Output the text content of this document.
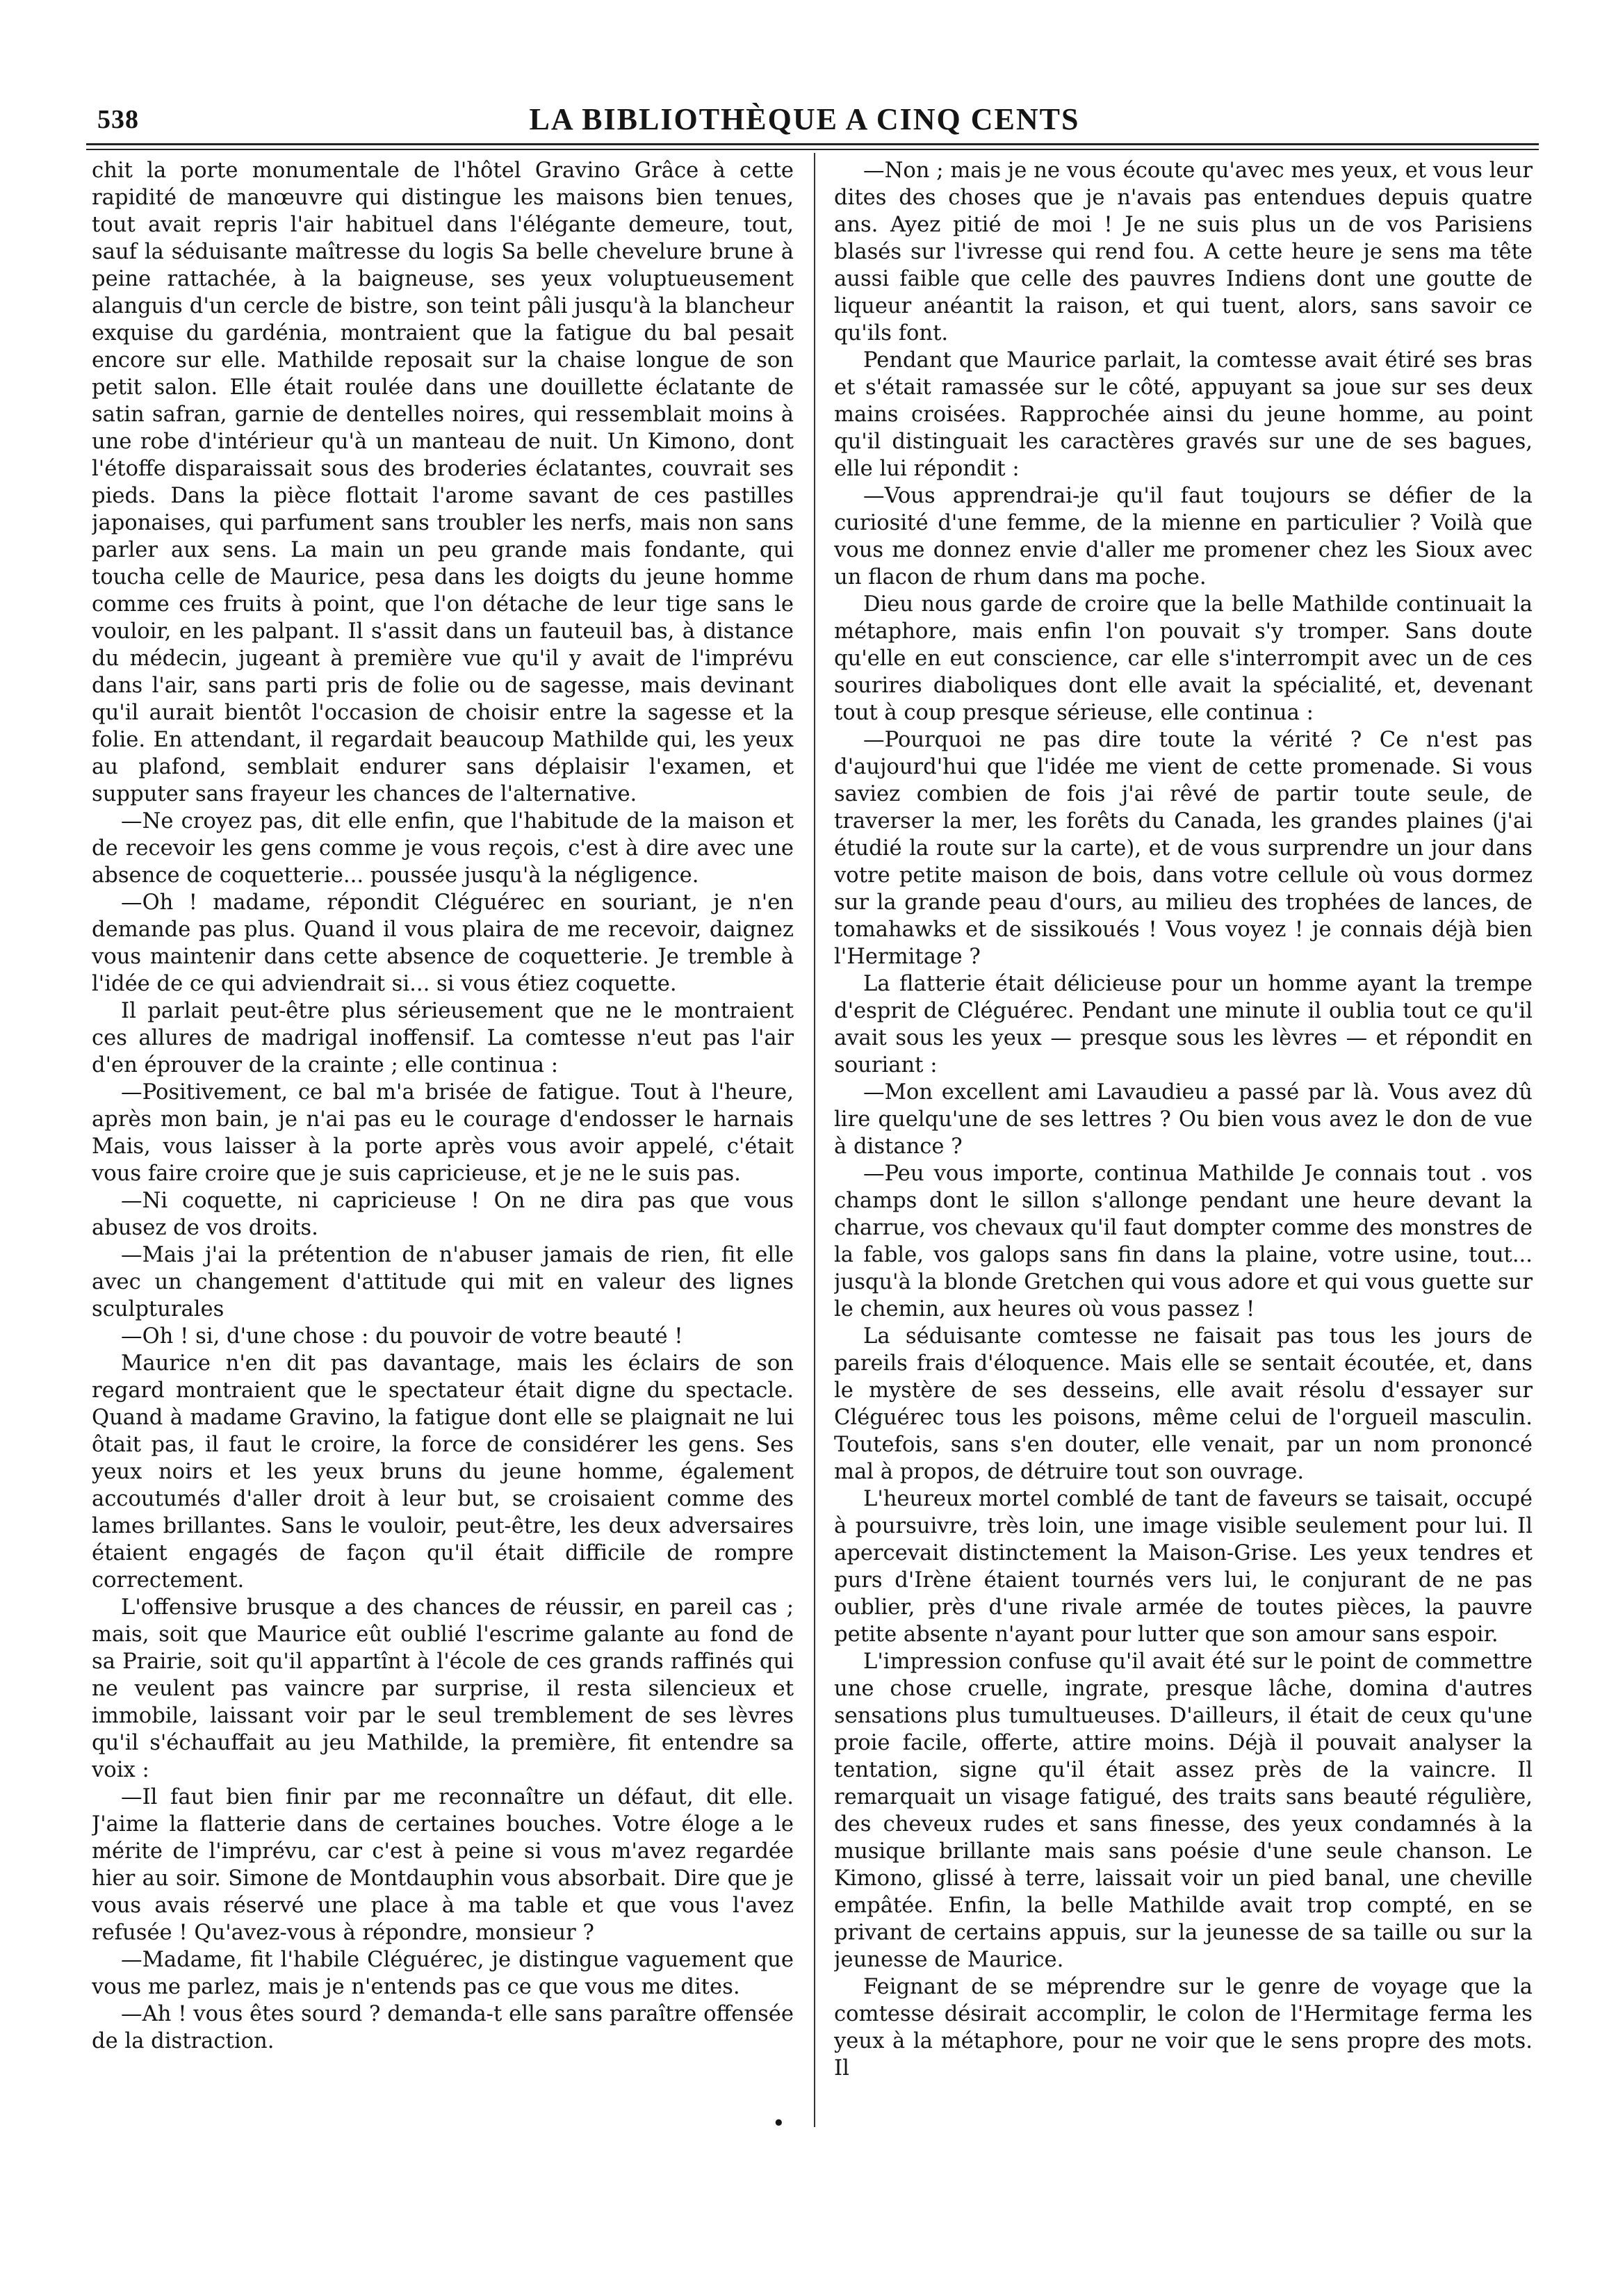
538	LA BIBLIOTHÈQUE A CINQ CENTS

chit la porte monumentale de l'hôtel Gravino Grâce à cette rapidité de manœuvre qui distingue les maisons bien tenues, tout avait repris l'air habituel dans l'élégante demeure, tout, sauf la séduisante maîtresse du logis Sa belle chevelure brune à peine rattachée, à la baigneuse, ses yeux voluptueusement alanguis d'un cercle de bistre, son teint pâli jusqu'à la blancheur exquise du gardénia, montraient que la fatigue du bal pesait encore sur elle. Mathilde reposait sur la chaise longue de son petit salon. Elle était roulée dans une douillette éclatante de satin safran, garnie de dentelles noires, qui ressemblait moins à une robe d'intérieur qu'à un manteau de nuit. Un Kimono, dont l'étoffe disparaissait sous des broderies éclatantes, couvrait ses pieds. Dans la pièce flottait l'arome savant de ces pastilles japonaises, qui parfument sans troubler les nerfs, mais non sans parler aux sens. La main un peu grande mais fondante, qui toucha celle de Maurice, pesa dans les doigts du jeune homme comme ces fruits à point, que l'on détache de leur tige sans le vouloir, en les palpant. Il s'assit dans un fauteuil bas, à distance du médecin, jugeant à première vue qu'il y avait de l'imprévu dans l'air, sans parti pris de folie ou de sagesse, mais devinant qu'il aurait bientôt l'occasion de choisir entre la sagesse et la folie. En attendant, il regardait beaucoup Mathilde qui, les yeux au plafond, semblait endurer sans déplaisir l'examen, et supputer sans frayeur les chances de l'alternative.

—Ne croyez pas, dit elle enfin, que l'habitude de la maison et de recevoir les gens comme je vous reçois, c'est à dire avec une absence de coquetterie... poussée jusqu'à la négligence.

—Oh ! madame, répondit Cléguérec en souriant, je n'en demande pas plus. Quand il vous plaira de me recevoir, daignez vous maintenir dans cette absence de coquetterie. Je tremble à l'idée de ce qui adviendrait si... si vous étiez coquette.

Il parlait peut-être plus sérieusement que ne le montraient ces allures de madrigal inoffensif. La comtesse n'eut pas l'air d'en éprouver de la crainte ; elle continua :

—Positivement, ce bal m'a brisée de fatigue. Tout à l'heure, après mon bain, je n'ai pas eu le courage d'endosser le harnais Mais, vous laisser à la porte après vous avoir appelé, c'était vous faire croire que je suis capricieuse, et je ne le suis pas.

—Ni coquette, ni capricieuse ! On ne dira pas que vous abusez de vos droits.

—Mais j'ai la prétention de n'abuser jamais de rien, fit elle avec un changement d'attitude qui mit en valeur des lignes sculpturales

—Oh ! si, d'une chose : du pouvoir de votre beauté !

Maurice n'en dit pas davantage, mais les éclairs de son regard montraient que le spectateur était digne du spectacle. Quand à madame Gravino, la fatigue dont elle se plaignait ne lui ôtait pas, il faut le croire, la force de considérer les gens. Ses yeux noirs et les yeux bruns du jeune homme, également accoutumés d'aller droit à leur but, se croisaient comme des lames brillantes. Sans le vouloir, peut-être, les deux adversaires étaient engagés de façon qu'il était difficile de rompre correctement.

L'offensive brusque a des chances de réussir, en pareil cas ; mais, soit que Maurice eût oublié l'escrime galante au fond de sa Prairie, soit qu'il appartînt à l'école de ces grands raffinés qui ne veulent pas vaincre par surprise, il resta silencieux et immobile, laissant voir par le seul tremblement de ses lèvres qu'il s'échauffait au jeu Mathilde, la première, fit entendre sa voix :

—Il faut bien finir par me reconnaître un défaut, dit elle. J'aime la flatterie dans de certaines bouches. Votre éloge a le mérite de l'imprévu, car c'est à peine si vous m'avez regardée hier au soir. Simone de Montdauphin vous absorbait. Dire que je vous avais réservé une place à ma table et que vous l'avez refusée ! Qu'avez-vous à répondre, monsieur ?

—Madame, fit l'habile Cléguérec, je distingue vaguement que vous me parlez, mais je n'entends pas ce que vous me dites.

—Ah ! vous êtes sourd ? demanda-t elle sans paraître offensée de la distraction.

—Non ; mais je ne vous écoute qu'avec mes yeux, et vous leur dites des choses que je n'avais pas entendues depuis quatre ans. Ayez pitié de moi ! Je ne suis plus un de vos Parisiens blasés sur l'ivresse qui rend fou. A cette heure je sens ma tête aussi faible que celle des pauvres Indiens dont une goutte de liqueur anéantit la raison, et qui tuent, alors, sans savoir ce qu'ils font.

Pendant que Maurice parlait, la comtesse avait étiré ses bras et s'était ramassée sur le côté, appuyant sa joue sur ses deux mains croisées. Rapprochée ainsi du jeune homme, au point qu'il distinguait les caractères gravés sur une de ses bagues, elle lui répondit :

—Vous apprendrai-je qu'il faut toujours se défier de la curiosité d'une femme, de la mienne en particulier ? Voilà que vous me donnez envie d'aller me promener chez les Sioux avec un flacon de rhum dans ma poche.

Dieu nous garde de croire que la belle Mathilde continuait la métaphore, mais enfin l'on pouvait s'y tromper. Sans doute qu'elle en eut conscience, car elle s'interrompit avec un de ces sourires diaboliques dont elle avait la spécialité, et, devenant tout à coup presque sérieuse, elle continua :

—Pourquoi ne pas dire toute la vérité ? Ce n'est pas d'aujourd'hui que l'idée me vient de cette promenade. Si vous saviez combien de fois j'ai rêvé de partir toute seule, de traverser la mer, les forêts du Canada, les grandes plaines (j'ai étudié la route sur la carte), et de vous surprendre un jour dans votre petite maison de bois, dans votre cellule où vous dormez sur la grande peau d'ours, au milieu des trophées de lances, de tomahawks et de sissikoués ! Vous voyez ! je connais déjà bien l'Hermitage ?

La flatterie était délicieuse pour un homme ayant la trempe d'esprit de Cléguérec. Pendant une minute il oublia tout ce qu'il avait sous les yeux — presque sous les lèvres — et répondit en souriant :

—Mon excellent ami Lavaudieu a passé par là. Vous avez dû lire quelqu'une de ses lettres ? Ou bien vous avez le don de vue à distance ?

—Peu vous importe, continua Mathilde Je connais tout . vos champs dont le sillon s'allonge pendant une heure devant la charrue, vos chevaux qu'il faut dompter comme des monstres de la fable, vos galops sans fin dans la plaine, votre usine, tout... jusqu'à la blonde Gretchen qui vous adore et qui vous guette sur le chemin, aux heures où vous passez !

La séduisante comtesse ne faisait pas tous les jours de pareils frais d'éloquence. Mais elle se sentait écoutée, et, dans le mystère de ses desseins, elle avait résolu d'essayer sur Cléguérec tous les poisons, même celui de l'orgueil masculin. Toutefois, sans s'en douter, elle venait, par un nom prononcé mal à propos, de détruire tout son ouvrage.

L'heureux mortel comblé de tant de faveurs se taisait, occupé à poursuivre, très loin, une image visible seulement pour lui. Il apercevait distinctement la Maison-Grise. Les yeux tendres et purs d'Irène étaient tournés vers lui, le conjurant de ne pas oublier, près d'une rivale armée de toutes pièces, la pauvre petite absente n'ayant pour lutter que son amour sans espoir.

L'impression confuse qu'il avait été sur le point de commettre une chose cruelle, ingrate, presque lâche, domina d'autres sensations plus tumultueuses. D'ailleurs, il était de ceux qu'une proie facile, offerte, attire moins. Déjà il pouvait analyser la tentation, signe qu'il était assez près de la vaincre. Il remarquait un visage fatigué, des traits sans beauté régulière, des cheveux rudes et sans finesse, des yeux condamnés à la musique brillante mais sans poésie d'une seule chanson. Le Kimono, glissé à terre, laissait voir un pied banal, une cheville empâtée. Enfin, la belle Mathilde avait trop compté, en se privant de certains appuis, sur la jeunesse de sa taille ou sur la jeunesse de Maurice.

Feignant de se méprendre sur le genre de voyage que la comtesse désirait accomplir, le colon de l'Hermitage ferma les yeux à la métaphore, pour ne voir que le sens propre des mots. Il

•
